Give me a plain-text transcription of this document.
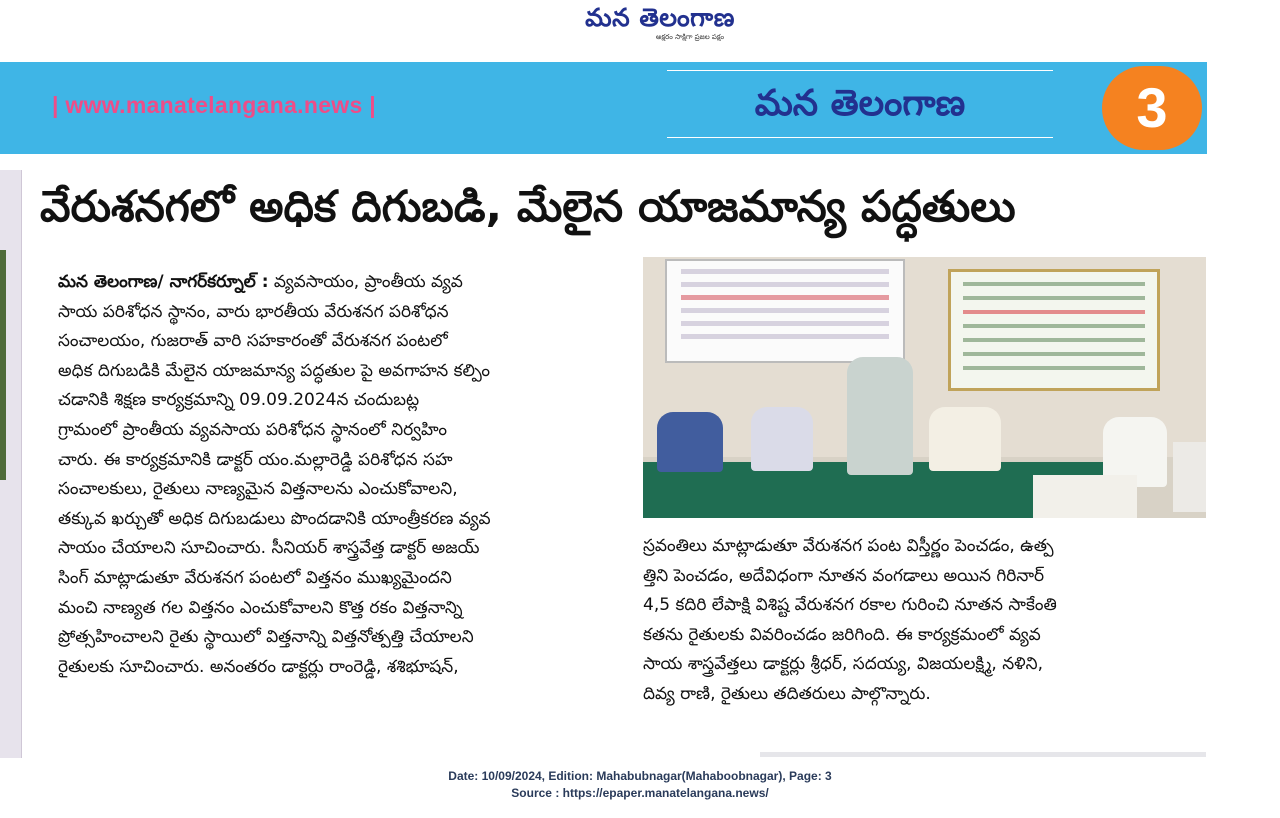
మన తెలంగాణ
అక్షరం సాక్షిగా ప్రజల పక్షం
| www.manatelangana.news |	మన తెలంగాణ	3
వేరుశనగలో అధిక దిగుబడి, మేలైన యాజమాన్య పద్ధతులు

మన తెలంగాణ/ నాగర్‌కర్నూల్ : వ్యవసాయం, ప్రాంతీయ వ్యవ

సాయ పరిశోధన స్థానం, వారు భారతీయ వేరుశనగ పరిశోధన

సంచాలయం, గుజరాత్ వారి సహకారంతో వేరుశనగ పంటలో

అధిక దిగుబడికి మేలైన యాజమాన్య పద్ధతుల పై అవగాహన కల్పిం

చడానికి శిక్షణ కార్యక్రమాన్ని 09.09.2024న చందుబట్ల

గ్రామంలో ప్రాంతీయ వ్యవసాయ పరిశోధన స్థానంలో నిర్వహిం

చారు. ఈ కార్యక్రమానికి డాక్టర్ యం.మల్లారెడ్డి పరిశోధన సహ

సంచాలకులు, రైతులు నాణ్యమైన విత్తనాలను ఎంచుకోవాలని,

తక్కువ ఖర్చుతో అధిక దిగుబడులు పొందడానికి యాంత్రీకరణ వ్యవ

సాయం చేయాలని సూచించారు. సీనియర్ శాస్త్రవేత్త డాక్టర్ అజయ్

సింగ్ మాట్లాడుతూ వేరుశనగ పంటలో విత్తనం ముఖ్యమైందని

మంచి నాణ్యత గల విత్తనం ఎంచుకోవాలని కొత్త రకం విత్తనాన్ని

ప్రోత్సహించాలని రైతు స్థాయిలో విత్తనాన్ని విత్తనోత్పత్తి చేయాలని

రైతులకు సూచించారు. అనంతరం డాక్టర్లు రాంరెడ్డి, శశిభూషన్,

స్రవంతిలు మాట్లాడుతూ వేరుశనగ పంట విస్తీర్ణం పెంచడం, ఉత్ప

త్తిని పెంచడం, అదేవిధంగా నూతన వంగడాలు అయిన గిరినార్

4,5 కదిరి లేపాక్షి విశిష్ట వేరుశనగ రకాల గురించి నూతన సాకేంతి

కతను రైతులకు వివరించడం జరిగింది. ఈ కార్యక్రమంలో వ్యవ

సాయ శాస్త్రవేత్తలు డాక్టర్లు శ్రీధర్, సదయ్య, విజయలక్ష్మి, నళిని,

దివ్య రాణి, రైతులు తదితరులు పాల్గొన్నారు.

Date: 10/09/2024, Edition: Mahabubnagar(Mahaboobnagar), Page: 3
Source : https://epaper.manatelangana.news/
